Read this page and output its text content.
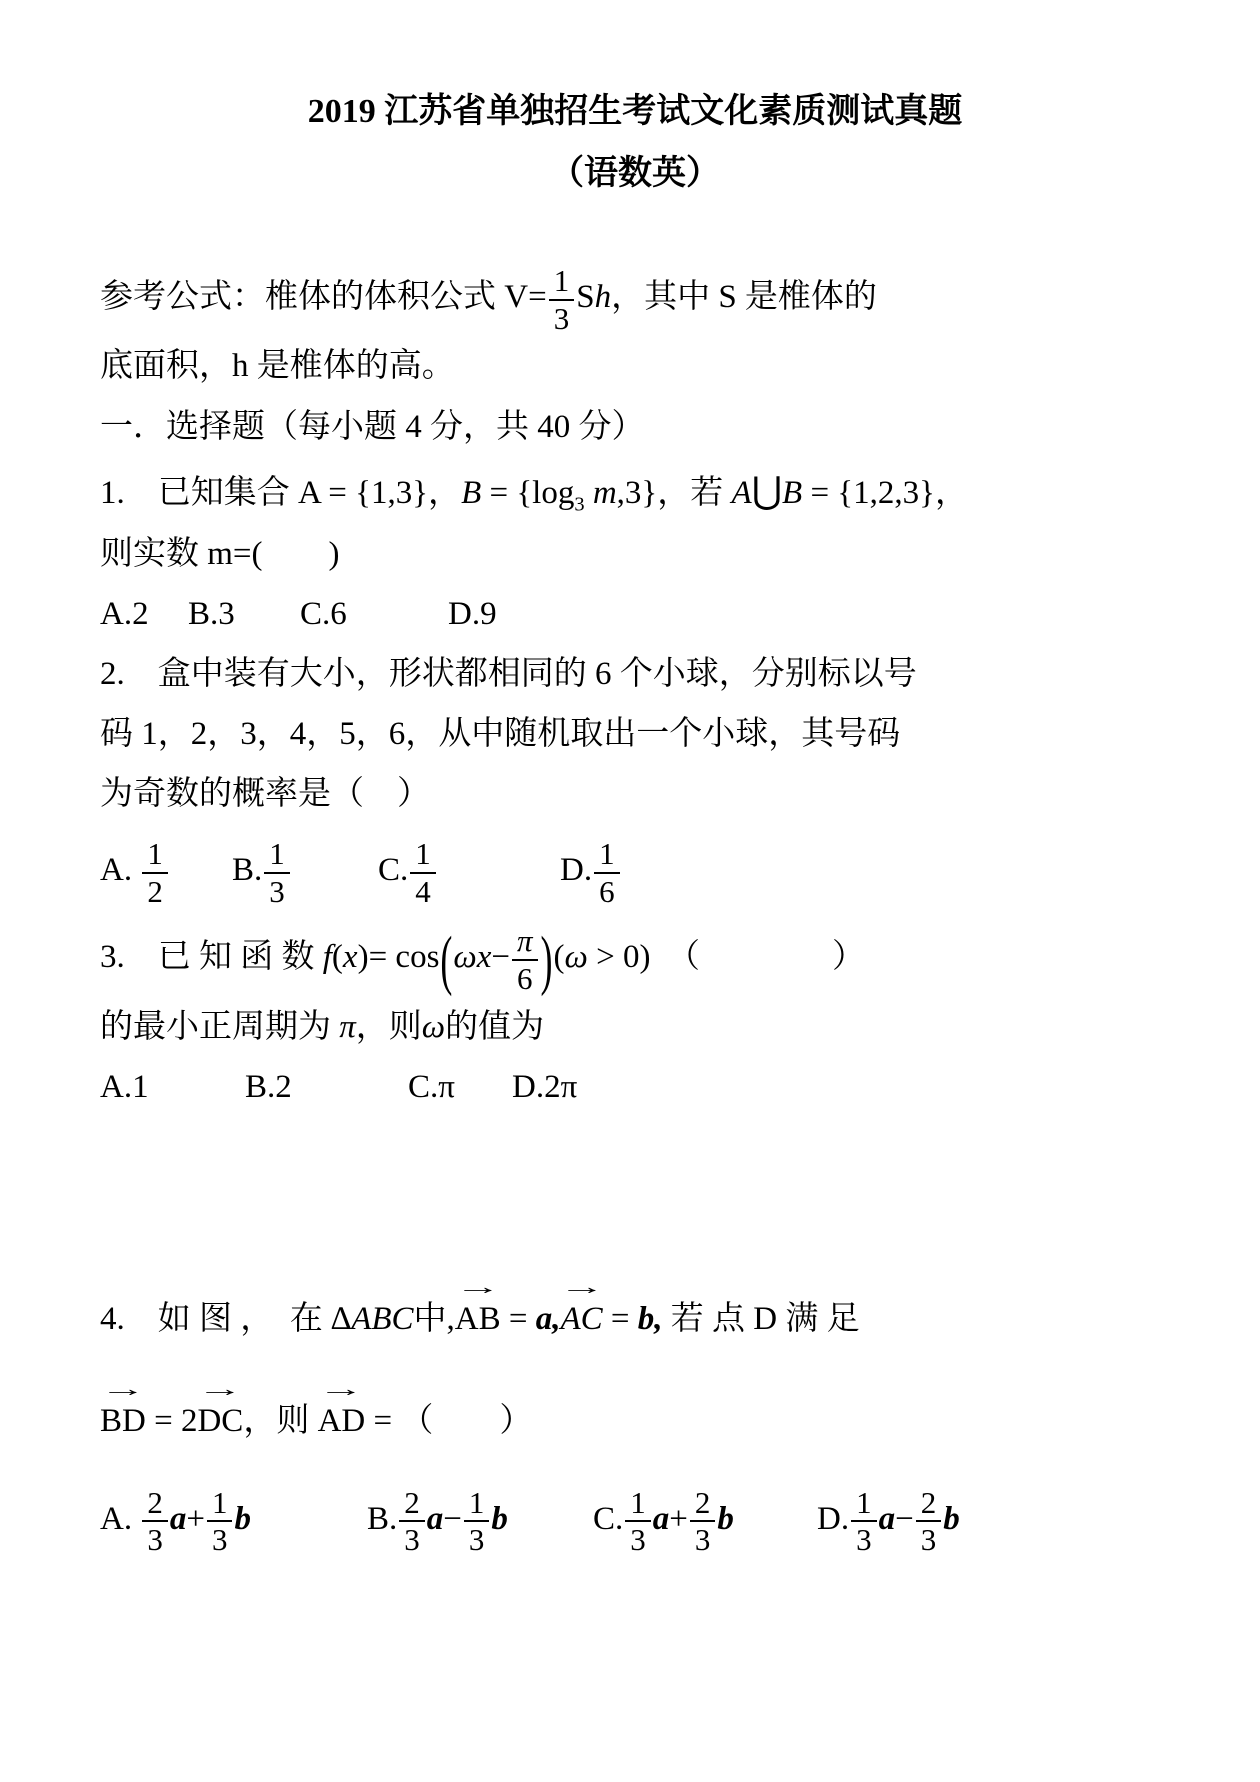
2019 江苏省单独招生考试文化素质测试真题
（语数英）

参考公式：椎体的体积公式 $V= \frac{1}{3}$ Sh，其中 S 是椎体的

底面积，h 是椎体的高。

一．选择题（每小题 4 分，共 40 分）

1.　已知集合 A = {1,3}，$B = \{\log_3$ m,3}，若 A⋃B = {1,2,3}，

则实数 m=(　　)

A.2 B.3 C.6	D.9

2.　盒中装有大小，形状都相同的 6 个小球，分别标以号

码 1，2，3，4，5，6，从中随机取出一个小球，其号码

为奇数的概率是（　）

A. $\frac{1}{2} B$. $\frac{1}{3}$	C. $\frac{1}{4}$	D. $\frac{1}{6}$

3.　已 知 函 数 $f(x)= \cos(\omega x- \frac{\pi}{6} )(\omega > 0)$　（　　　　）

的最小正周期为 π，则ω的值为

A.1	B.2	C.π D.2π

4.　如 图 ，　在 ∆ABC中,
→
AB = a,
→
AC = b, 若 点 D 满 足

→
BD = 2
→
DC，则
→
AD = （　　）

A. $\frac{2}{3} a+ \frac{1}{3}$ b	B. $\frac{2}{3} a- \frac{1}{3}$ b	C. $\frac{1}{3} a+ \frac{2}{3}$ b	D. $\frac{1}{3} a- \frac{2}{3}$ b
